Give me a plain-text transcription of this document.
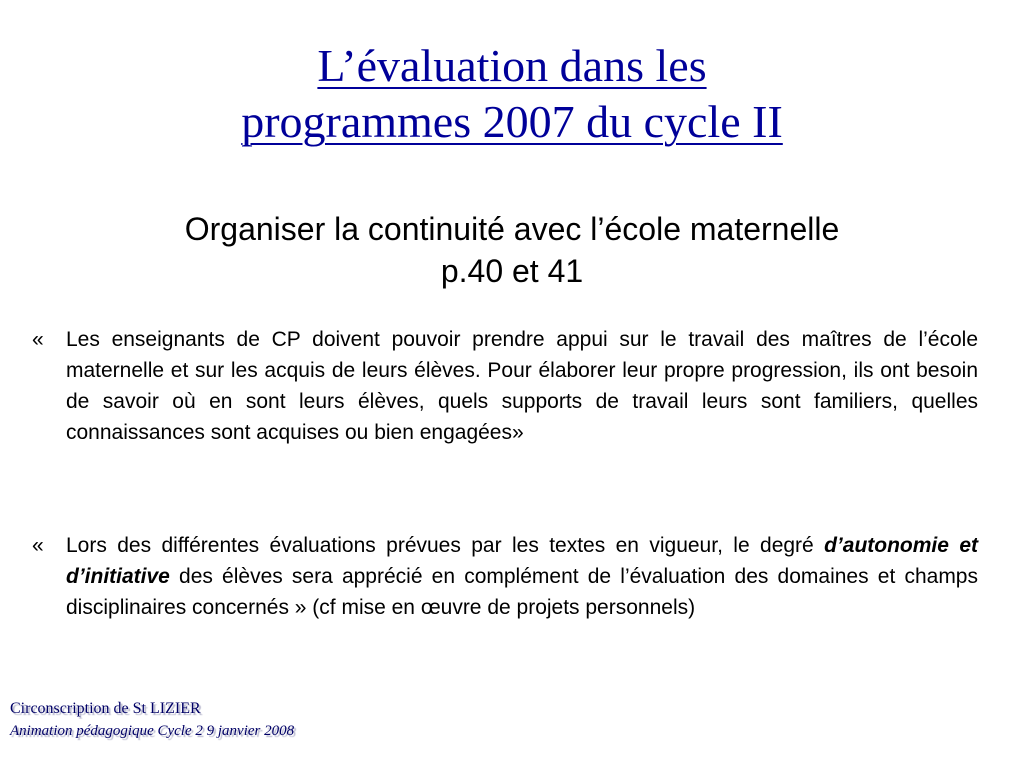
L’évaluation dans les
programmes 2007 du cycle II
Organiser la continuité avec l’école maternelle
p.40 et 41
« Les enseignants de CP doivent pouvoir prendre appui sur le travail des maîtres de l’école maternelle et sur les acquis de leurs élèves. Pour élaborer leur propre progression, ils ont besoin de savoir où en sont leurs élèves, quels supports de travail leurs sont familiers, quelles connaissances sont acquises ou bien engagées»
« Lors des différentes évaluations prévues par les textes en vigueur, le degré d’autonomie et d’initiative des élèves sera apprécié en complément de l’évaluation des domaines et champs disciplinaires concernés » (cf mise en œuvre de projets personnels)
Circonscription de St LIZIER
Animation pédagogique Cycle 2 9 janvier 2008
